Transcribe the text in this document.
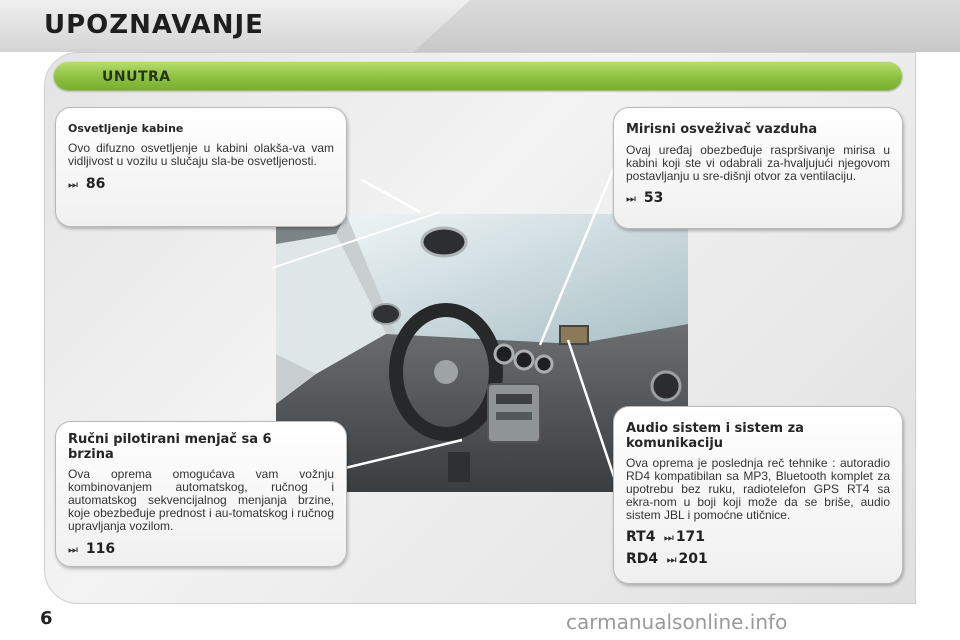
UPOZNAVANJE
UNUTRA
Osvetljenje kabine

Ovo difuzno osvetljenje u kabini olakša-va vam vidljivost u vozilu u slučaju sla-be osvetljenosti.

⏭ 86
Mirisni osveživač vazduha

Ovaj uređaj obezbeđuje raspršivanje mirisa u kabini koji ste vi odabrali za-hvaljujući njegovom postavljanju u sre-dišnji otvor za ventilaciju.

⏭ 53
Ručni pilotirani menjač sa 6 brzina

Ova oprema omogućava vam vožnju kombinovanjem automatskog, ručnog i automatskog sekvencijalnog menjanja brzine, koje obezbeđuje prednost i au-tomatskog i ručnog upravljanja vozilom.

⏭ 116
Audio sistem i sistem za komunikaciju

Ova oprema je poslednja reč tehnike : autoradio RD4 kompatibilan sa MP3, Bluetooth komplet za upotrebu bez ruku, radiotelefon GPS RT4 sa ekra-nom u boji koji može da se briše, audio sistem JBL i pomoćne utičnice.

RT4 ⏭ 171
RD4 ⏭ 201
6	carmanualsonline.info
